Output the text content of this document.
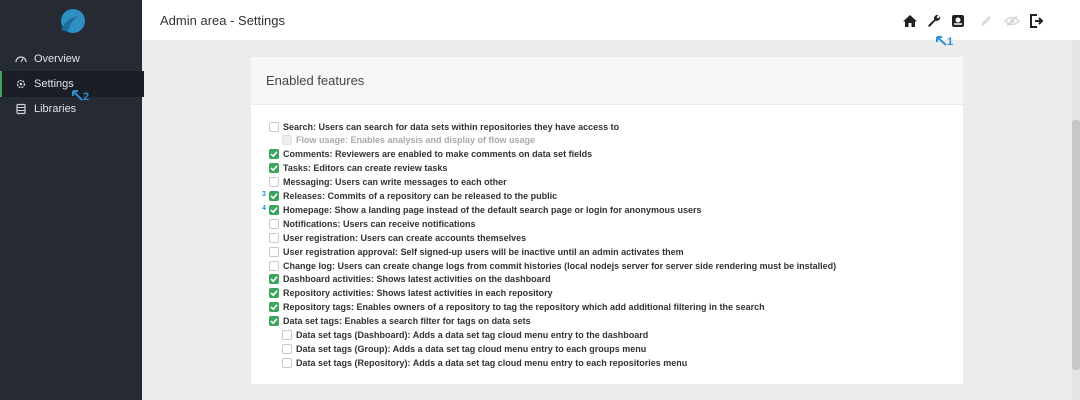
Overview
Settings
Libraries
2
Admin area - Settings
1
Enabled features
Search: Users can search for data sets within repositories they have access to
Flow usage: Enables analysis and display of flow usage
Comments: Reviewers are enabled to make comments on data set fields
Tasks: Editors can create review tasks
Messaging: Users can write messages to each other
Releases: Commits of a repository can be released to the public
Homepage: Show a landing page instead of the default search page or login for anonymous users
Notifications: Users can receive notifications
User registration: Users can create accounts themselves
User registration approval: Self signed-up users will be inactive until an admin activates them
Change log: Users can create change logs from commit histories (local nodejs server for server side rendering must be installed)
Dashboard activities: Shows latest activities on the dashboard
Repository activities: Shows latest activities in each repository
Repository tags: Enables owners of a repository to tag the repository which add additional filtering in the search
Data set tags: Enables a search filter for tags on data sets
Data set tags (Dashboard): Adds a data set tag cloud menu entry to the dashboard
Data set tags (Group): Adds a data set tag cloud menu entry to each groups menu
Data set tags (Repository): Adds a data set tag cloud menu entry to each repositories menu
3
4
